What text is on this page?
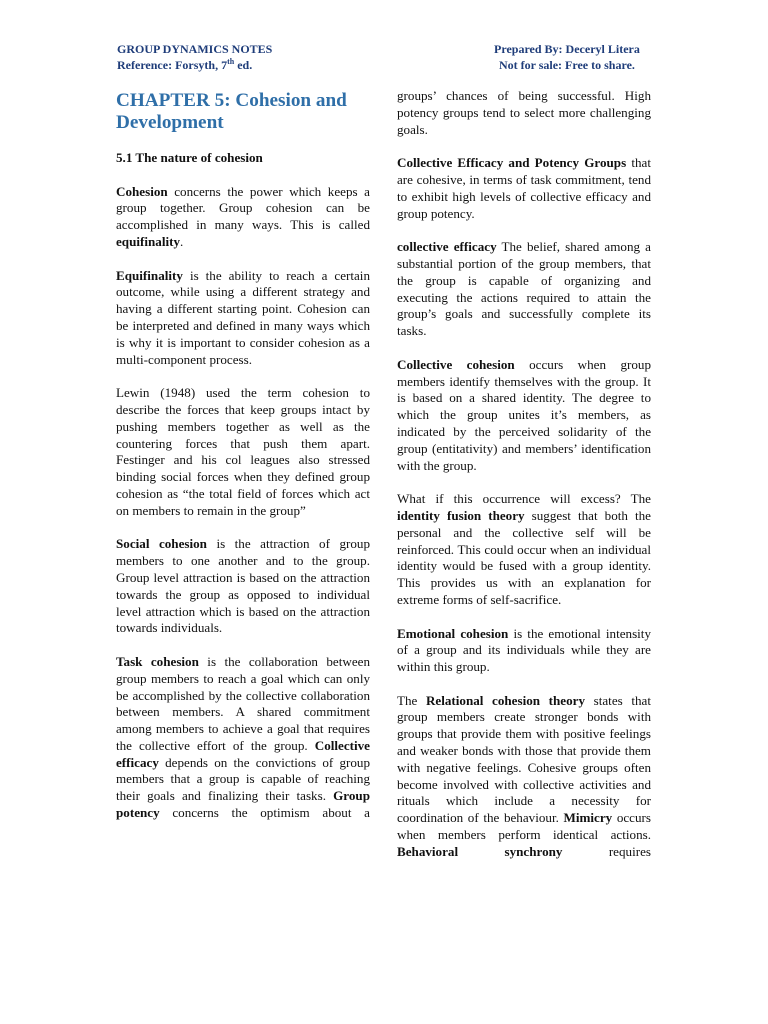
GROUP DYNAMICS NOTES
Reference: Forsyth, 7th ed.
Prepared By: Deceryl Litera
Not for sale: Free to share.
CHAPTER 5: Cohesion and Development
5.1 The nature of cohesion

Cohesion concerns the power which keeps a group together. Group cohesion can be accomplished in many ways. This is called equifinality.

Equifinality is the ability to reach a certain outcome, while using a different strategy and having a different starting point. Cohesion can be interpreted and defined in many ways which is why it is important to consider cohesion as a multi-component process.

Lewin (1948) used the term cohesion to describe the forces that keep groups intact by pushing members together as well as the countering forces that push them apart. Festinger and his col leagues also stressed binding social forces when they defined group cohesion as “the total field of forces which act on members to remain in the group”

Social cohesion is the attraction of group members to one another and to the group. Group level attraction is based on the attraction towards the group as opposed to individual level attraction which is based on the attraction towards individuals.

Task cohesion is the collaboration between group members to reach a goal which can only be accomplished by the collective collaboration between members. A shared commitment among members to achieve a goal that requires the collective effort of the group. Collective efficacy depends on the convictions of group members that a group is capable of reaching their goals and finalizing their tasks. Group potency concerns the optimism about a

groups’ chances of being successful. High potency groups tend to select more challenging goals.

Collective Efficacy and Potency Groups that are cohesive, in terms of task commitment, tend to exhibit high levels of collective efficacy and group potency.

collective efficacy The belief, shared among a substantial portion of the group members, that the group is capable of organizing and executing the actions required to attain the group’s goals and successfully complete its tasks.

Collective cohesion occurs when group members identify themselves with the group. It is based on a shared identity. The degree to which the group unites it’s members, as indicated by the perceived solidarity of the group (entitativity) and members’ identification with the group.

What if this occurrence will excess? The identity fusion theory suggest that both the personal and the collective self will be reinforced. This could occur when an individual identity would be fused with a group identity. This provides us with an explanation for extreme forms of self-sacrifice.

Emotional cohesion is the emotional intensity of a group and its individuals while they are within this group.

The Relational cohesion theory states that group members create stronger bonds with groups that provide them with positive feelings and weaker bonds with those that provide them with negative feelings. Cohesive groups often become involved with collective activities and rituals which include a necessity for coordination of the behaviour. Mimicry occurs when members perform identical actions. Behavioral synchrony requires
